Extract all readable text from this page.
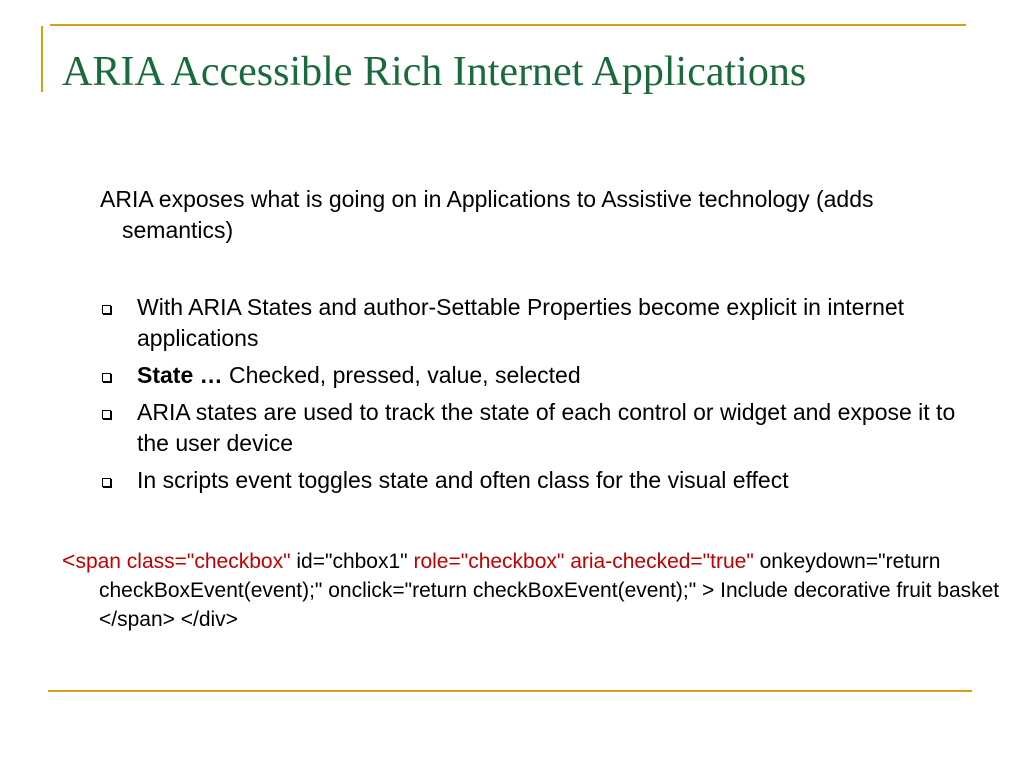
ARIA Accessible Rich Internet Applications

ARIA exposes what is going on in Applications to Assistive technology (adds semantics)

With ARIA States and author-Settable Properties become explicit in internet applications
State … Checked, pressed, value, selected
ARIA states are used to track the state of each control or widget and expose it to the user device
In scripts event toggles state and often class for the visual effect

<span class="checkbox" id="chbox1" role="checkbox" aria-checked="true" onkeydown="return checkBoxEvent(event);" onclick="return checkBoxEvent(event);" > Include decorative fruit basket </span> </div>
